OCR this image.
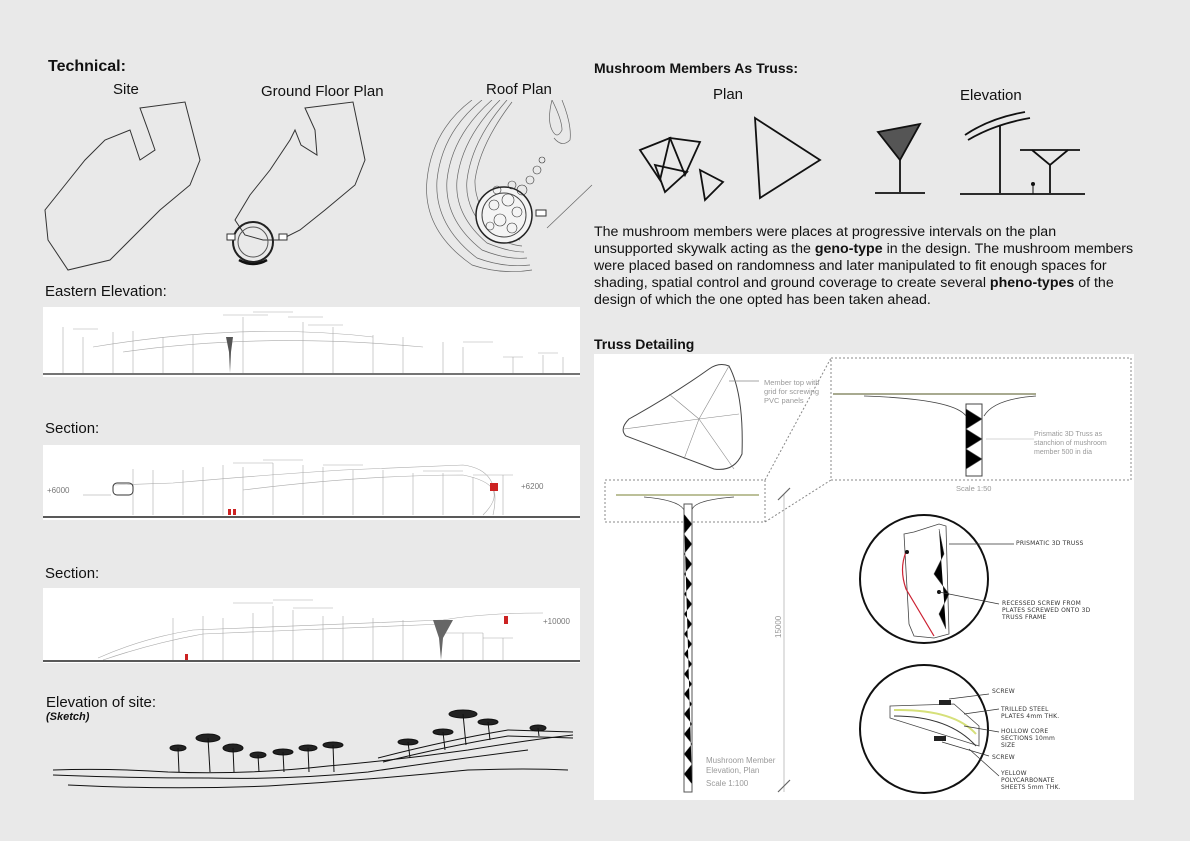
Technical:
Site	Ground Floor Plan	Roof Plan
Eastern Elevation:
Section:
+6000	+6200
Section:
+10000
Elevation of site:
(Sketch)
Mushroom Members As Truss:
Plan	Elevation
The mushroom members were places at progressive intervals on the plan unsupported skywalk acting as the geno-type in the design. The mushroom members were placed based on randomness and later manipulated to fit enough spaces for shading, spatial control and ground coverage to create several pheno-types of the design of which the one opted has been taken ahead.
Truss Detailing
Member top with grid for screwing PVC panels
Prismatic 3D Truss as stanchion of mushroom member 500 in dia
Scale 1:50
15000
Mushroom Member Elevation, Plan
Scale 1:100
PRISMATIC 3D TRUSS
RECESSED SCREW FROM PLATES SCREWED ONTO 3D TRUSS FRAME
SCREW
TRILLED STEEL PLATES 4mm THK.
HOLLOW CORE SECTIONS 10mm SIZE
SCREW
YELLOW POLYCARBONATE SHEETS 5mm THK.
